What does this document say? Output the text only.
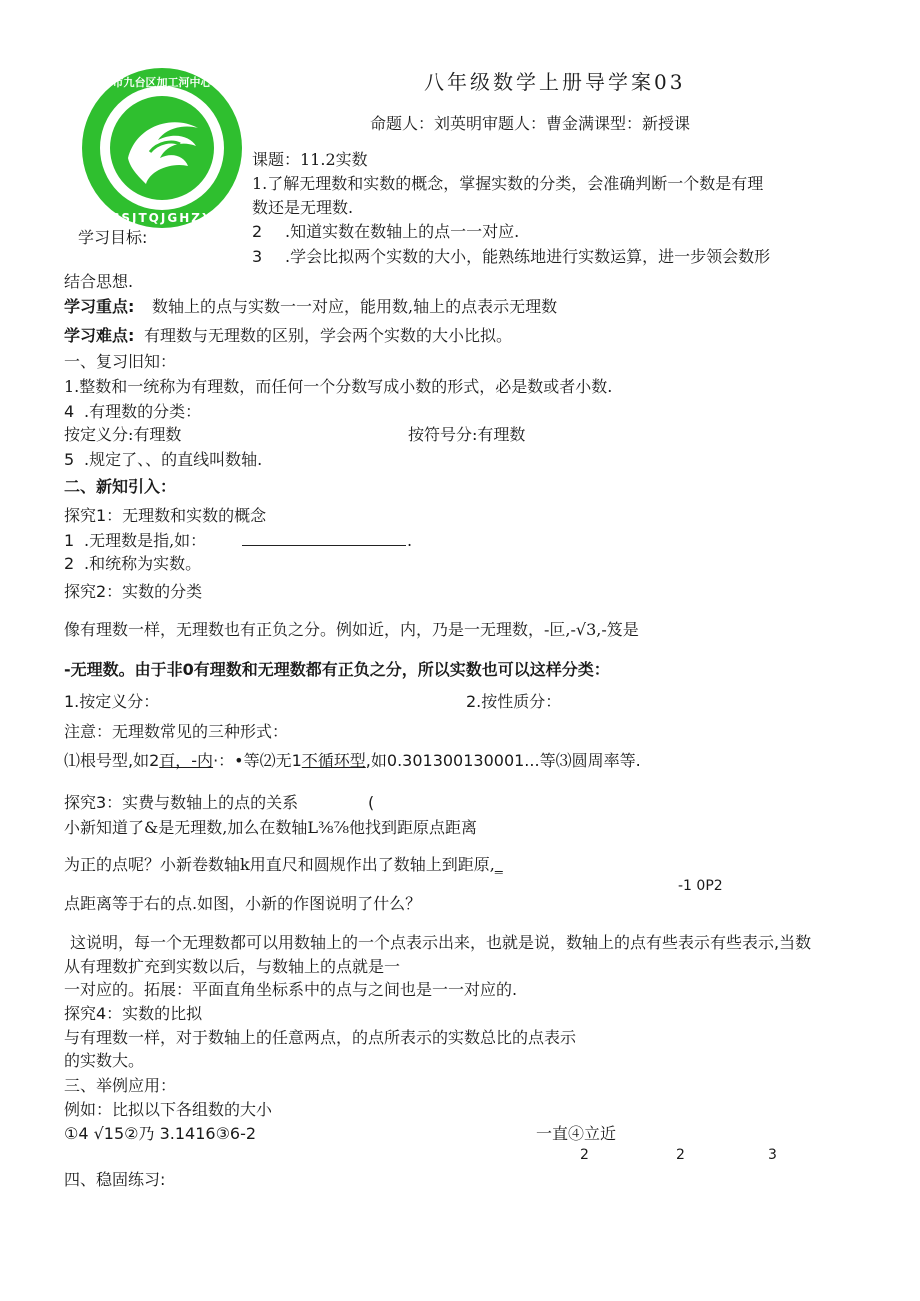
长春市九台区加工河中心学校
CCSJTQJGHZXX
八年级数学上册导学案03
命题人：刘英明审题人：曹金满课型：新授课
课题：11.2实数
1.了解无理数和实数的概念，掌握实数的分类，会准确判断一个数是有理
数还是无理数.
学习目标:	2 .知道实数在数轴上的点一一对应.
3 .学会比拟两个实数的大小，能熟练地进行实数运算，进一步领会数形
结合思想.
学习重点: 数轴上的点与实数一一对应，能用数,轴上的点表示无理数
学习难点: 有理数与无理数的区别，学会两个实数的大小比拟。
一、复习旧知：
1.整数和一统称为有理数，而任何一个分数写成小数的形式，必是数或者小数.
4 .有理数的分类：
按定义分:有理数	按符号分:有理数
5 .规定了、、的直线叫数轴.
二、新知引入：
探究1：无理数和实数的概念
1 .无理数是指,如：	.
2 .和统称为实数。
探究2：实数的分类
像有理数一样，无理数也有正负之分。例如近，内，乃是一无理数，-叵,-√3,-笈是
-无理数。由于非0有理数和无理数都有正负之分，所以实数也可以这样分类：
1.按定义分：	2.按性质分：
注意：无理数常见的三种形式：
⑴根号型,如2百，-内·：•等⑵无1不循环型,如0.301300130001...等⑶圆周率等.
探究3：实费与数轴上的点的关系	(
小新知道了&是无理数,加么在数轴L⅜⅞他找到距原点距离
为正的点呢？小新卷数轴k用直尺和圆规作出了数轴上到距原,_
-1 0P2
点距离等于右的点.如图，小新的作图说明了什么？
这说明，每一个无理数都可以用数轴上的一个点表示出来，也就是说，数轴上的点有些表示有些表示,当数
从有理数扩充到实数以后，与数轴上的点就是一
一对应的。拓展：平面直角坐标系中的点与之间也是一一对应的.
探究4：实数的比拟
与有理数一样，对于数轴上的任意两点，的点所表示的实数总比的点表示
的实数大。
三、举例应用：
例如：比拟以下各组数的大小
①4 √15②乃 3.1416③6-2	一直④立近
2	2	3
四、稳固练习:
